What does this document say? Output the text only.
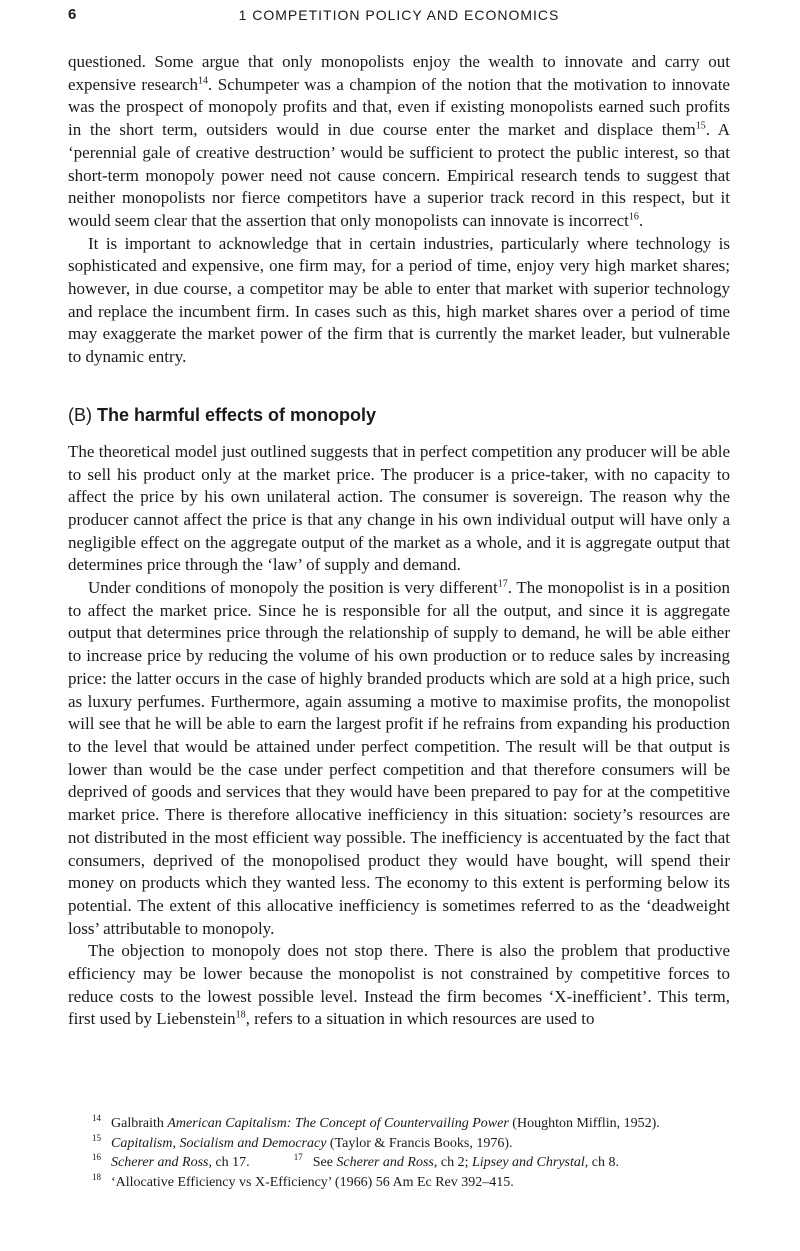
6	1 COMPETITION POLICY AND ECONOMICS

questioned. Some argue that only monopolists enjoy the wealth to innovate and carry out expensive research$^{14}$. Schumpeter was a champion of the notion that the motivation to innovate was the prospect of monopoly profits and that, even if existing monopolists earned such profits in the short term, outsiders would in due course enter the market and displace them$^{15}$. A ‘perennial gale of creative destruction’ would be sufficient to protect the public interest, so that short-term monopoly power need not cause concern. Empirical research tends to suggest that neither monopolists nor fierce competitors have a superior track record in this respect, but it would seem clear that the assertion that only monopolists can innovate is incorrect$^{16}$.

It is important to acknowledge that in certain industries, particularly where technology is sophisticated and expensive, one firm may, for a period of time, enjoy very high market shares; however, in due course, a competitor may be able to enter that market with superior technology and replace the incumbent firm. In cases such as this, high market shares over a period of time may exaggerate the market power of the firm that is currently the market leader, but vulnerable to dynamic entry.

(B) The harmful effects of monopoly

The theoretical model just outlined suggests that in perfect competition any producer will be able to sell his product only at the market price. The producer is a price-taker, with no capacity to affect the price by his own unilateral action. The consumer is sovereign. The reason why the producer cannot affect the price is that any change in his own individual output will have only a negligible effect on the aggregate output of the market as a whole, and it is aggregate output that determines price through the ‘law’ of supply and demand.

Under conditions of monopoly the position is very different$^{17}$. The monopolist is in a position to affect the market price. Since he is responsible for all the output, and since it is aggregate output that determines price through the relationship of supply to demand, he will be able either to increase price by reducing the volume of his own production or to reduce sales by increasing price: the latter occurs in the case of highly branded products which are sold at a high price, such as luxury perfumes. Furthermore, again assuming a motive to maximise profits, the monopolist will see that he will be able to earn the largest profit if he refrains from expanding his production to the level that would be attained under perfect competition. The result will be that output is lower than would be the case under perfect competition and that therefore consumers will be deprived of goods and services that they would have been prepared to pay for at the competitive market price. There is therefore allocative inefficiency in this situation: society’s resources are not distributed in the most efficient way possible. The inefficiency is accentuated by the fact that consumers, deprived of the monopolised product they would have bought, will spend their money on products which they wanted less. The economy to this extent is performing below its potential. The extent of this allocative inefficiency is sometimes referred to as the ‘deadweight loss’ attributable to monopoly.

The objection to monopoly does not stop there. There is also the problem that productive efficiency may be lower because the monopolist is not constrained by competitive forces to reduce costs to the lowest possible level. Instead the firm becomes ‘X-inefficient’. This term, first used by Liebenstein$^{18}$, refers to a situation in which resources are used to

14 Galbraith American Capitalism: The Concept of Countervailing Power (Houghton Mifflin, 1952).

15 Capitalism, Socialism and Democracy (Taylor & Francis Books, 1976).

16 Scherer and Ross, ch 17.	17 See Scherer and Ross, ch 2; Lipsey and Chrystal, ch 8.

18 ‘Allocative Efficiency vs X-Efficiency’ (1966) 56 Am Ec Rev 392–415.
